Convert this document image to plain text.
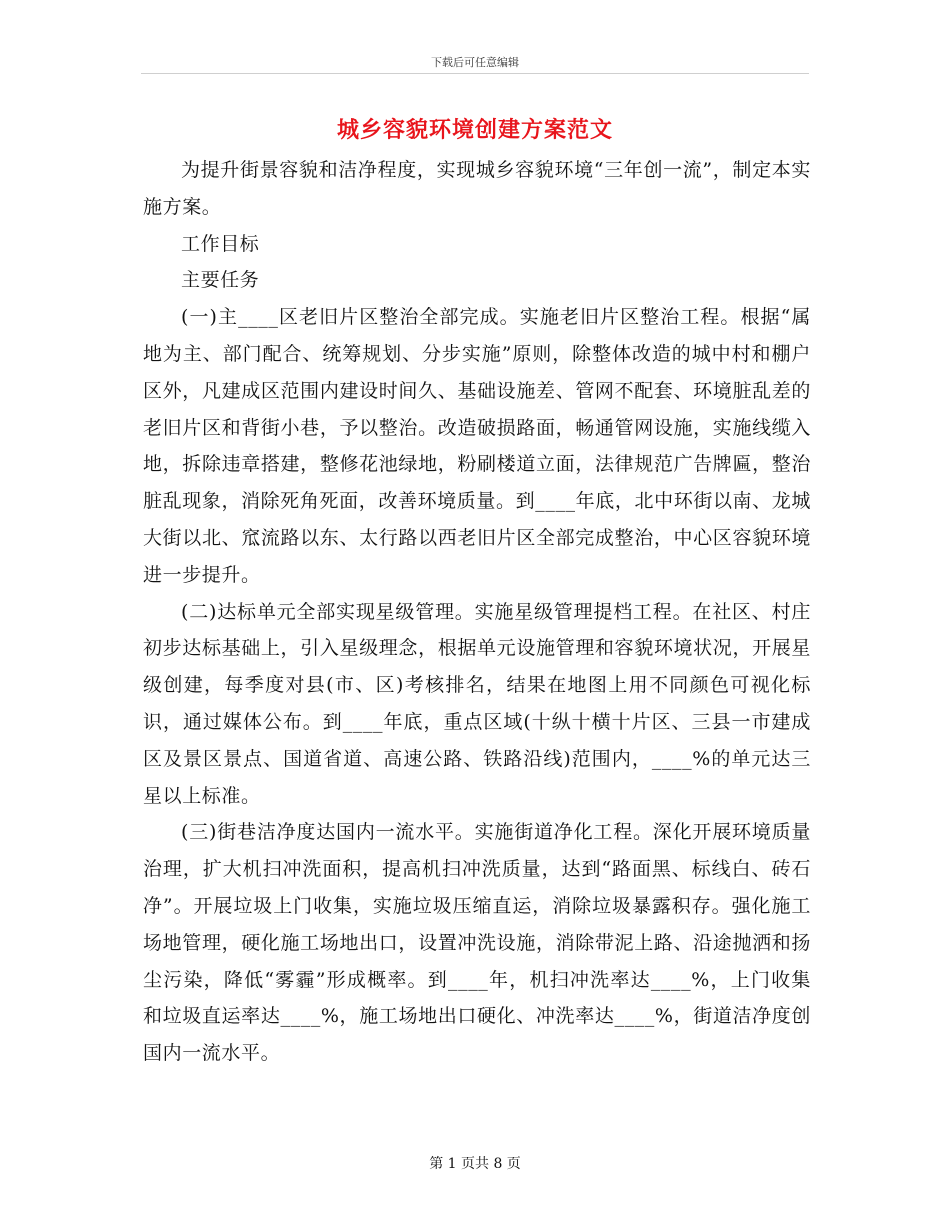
下载后可任意编辑
城乡容貌环境创建方案范文

为提升街景容貌和洁净程度，实现城乡容貌环境“三年创一流”，制定本实施方案。

工作目标

主要任务

(一)主____区老旧片区整治全部完成。实施老旧片区整治工程。根据“属地为主、部门配合、统筹规划、分步实施”原则，除整体改造的城中村和棚户区外，凡建成区范围内建设时间久、基础设施差、管网不配套、环境脏乱差的老旧片区和背街小巷，予以整治。改造破损路面，畅通管网设施，实施线缆入地，拆除违章搭建，整修花池绿地，粉刷楼道立面，法律规范广告牌匾，整治脏乱现象，消除死角死面，改善环境质量。到____年底，北中环街以南、龙城大街以北、窊流路以东、太行路以西老旧片区全部完成整治，中心区容貌环境进一步提升。

(二)达标单元全部实现星级管理。实施星级管理提档工程。在社区、村庄初步达标基础上，引入星级理念，根据单元设施管理和容貌环境状况，开展星级创建，每季度对县(市、区)考核排名，结果在地图上用不同颜色可视化标识，通过媒体公布。到____年底，重点区域(十纵十横十片区、三县一市建成区及景区景点、国道省道、高速公路、铁路沿线)范围内，____%的单元达三星以上标准。

(三)街巷洁净度达国内一流水平。实施街道净化工程。深化开展环境质量治理，扩大机扫冲洗面积，提高机扫冲洗质量，达到“路面黑、标线白、砖石净”。开展垃圾上门收集，实施垃圾压缩直运，消除垃圾暴露积存。强化施工场地管理，硬化施工场地出口，设置冲洗设施，消除带泥上路、沿途抛洒和扬尘污染，降低“雾霾”形成概率。到____年，机扫冲洗率达____%，上门收集和垃圾直运率达____%，施工场地出口硬化、冲洗率达____%，街道洁净度创国内一流水平。

第 1 页共 8 页
